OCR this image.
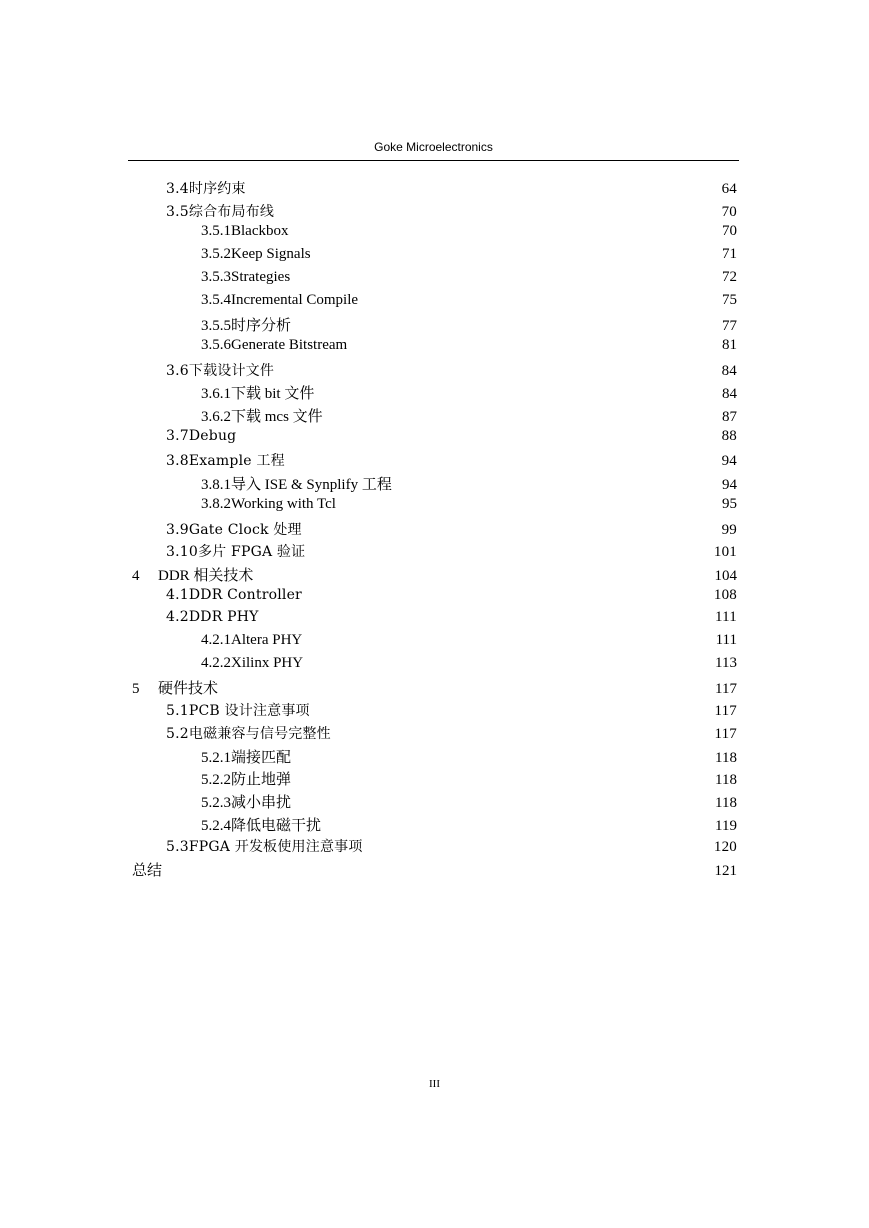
Goke Microelectronics
3.4 时序约束	64
3.5 综合布局布线	70
3.5.1 Blackbox	70
3.5.2 Keep Signals	71
3.5.3 Strategies	72
3.5.4 Incremental Compile	75
3.5.5 时序分析	77
3.5.6 Generate Bitstream	81
3.6 下载设计文件	84
3.6.1 下载 bit 文件	84
3.6.2 下载 mcs 文件	87
3.7 Debug	88
3.8 Example 工程	94
3.8.1 导入 ISE & Synplify 工程	94
3.8.2 Working with Tcl	95
3.9 Gate Clock 处理	99
3.10 多片 FPGA 验证	101
4	DDR 相关技术	104
4.1 DDR Controller	108
4.2 DDR PHY	111
4.2.1 Altera PHY	111
4.2.2 Xilinx PHY	113
5	硬件技术	117
5.1 PCB 设计注意事项	117
5.2 电磁兼容与信号完整性	117
5.2.1 端接匹配	118
5.2.2 防止地弹	118
5.2.3 减小串扰	118
5.2.4 降低电磁干扰	119
5.3 FPGA 开发板使用注意事项	120
总结	121
III
